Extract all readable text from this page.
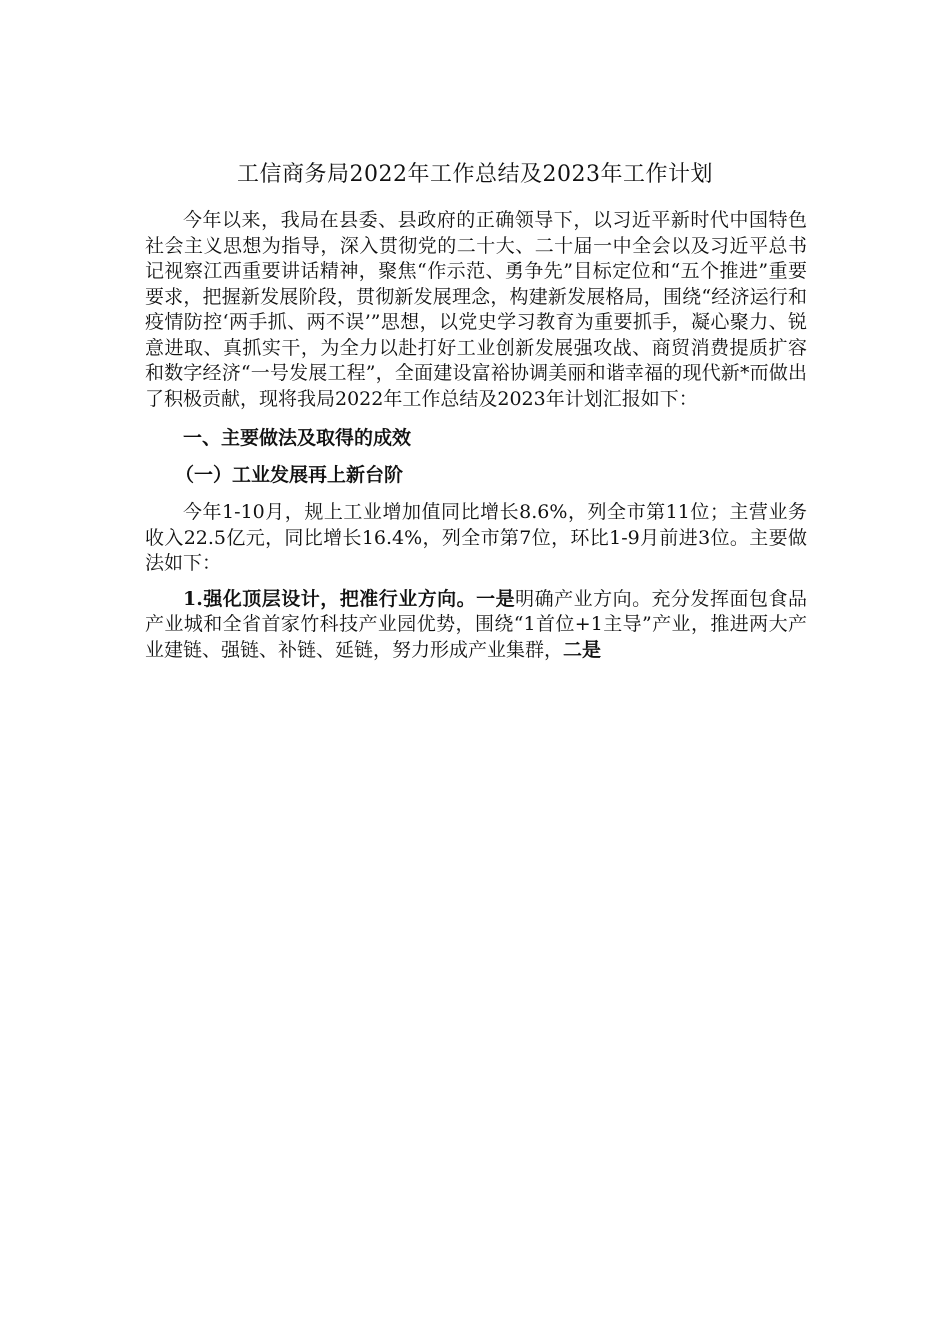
工信商务局2022年工作总结及2023年工作计划

今年以来，我局在县委、县政府的正确领导下，以习近平新时代中国特色社会主义思想为指导，深入贯彻党的二十大、二十届一中全会以及习近平总书记视察江西重要讲话精神，聚焦“作示范、勇争先”目标定位和“五个推进”重要要求，把握新发展阶段，贯彻新发展理念，构建新发展格局，围绕“经济运行和疫情防控‘两手抓、两不误’”思想，以党史学习教育为重要抓手，凝心聚力、锐意进取、真抓实干，为全力以赴打好工业创新发展强攻战、商贸消费提质扩容和数字经济“一号发展工程”，全面建设富裕协调美丽和谐幸福的现代新*而做出了积极贡献，现将我局2022年工作总结及2023年计划汇报如下：

一、主要做法及取得的成效

（一）工业发展再上新台阶

今年1-10月，规上工业增加值同比增长8.6%，列全市第11位；主营业务收入22.5亿元，同比增长16.4%，列全市第7位，环比1-9月前进3位。主要做法如下：

1.强化顶层设计，把准行业方向。一是明确产业方向。充分发挥面包食品产业城和全省首家竹科技产业园优势，围绕“1首位+1主导”产业，推进两大产业建链、强链、补链、延链，努力形成产业集群，二是
